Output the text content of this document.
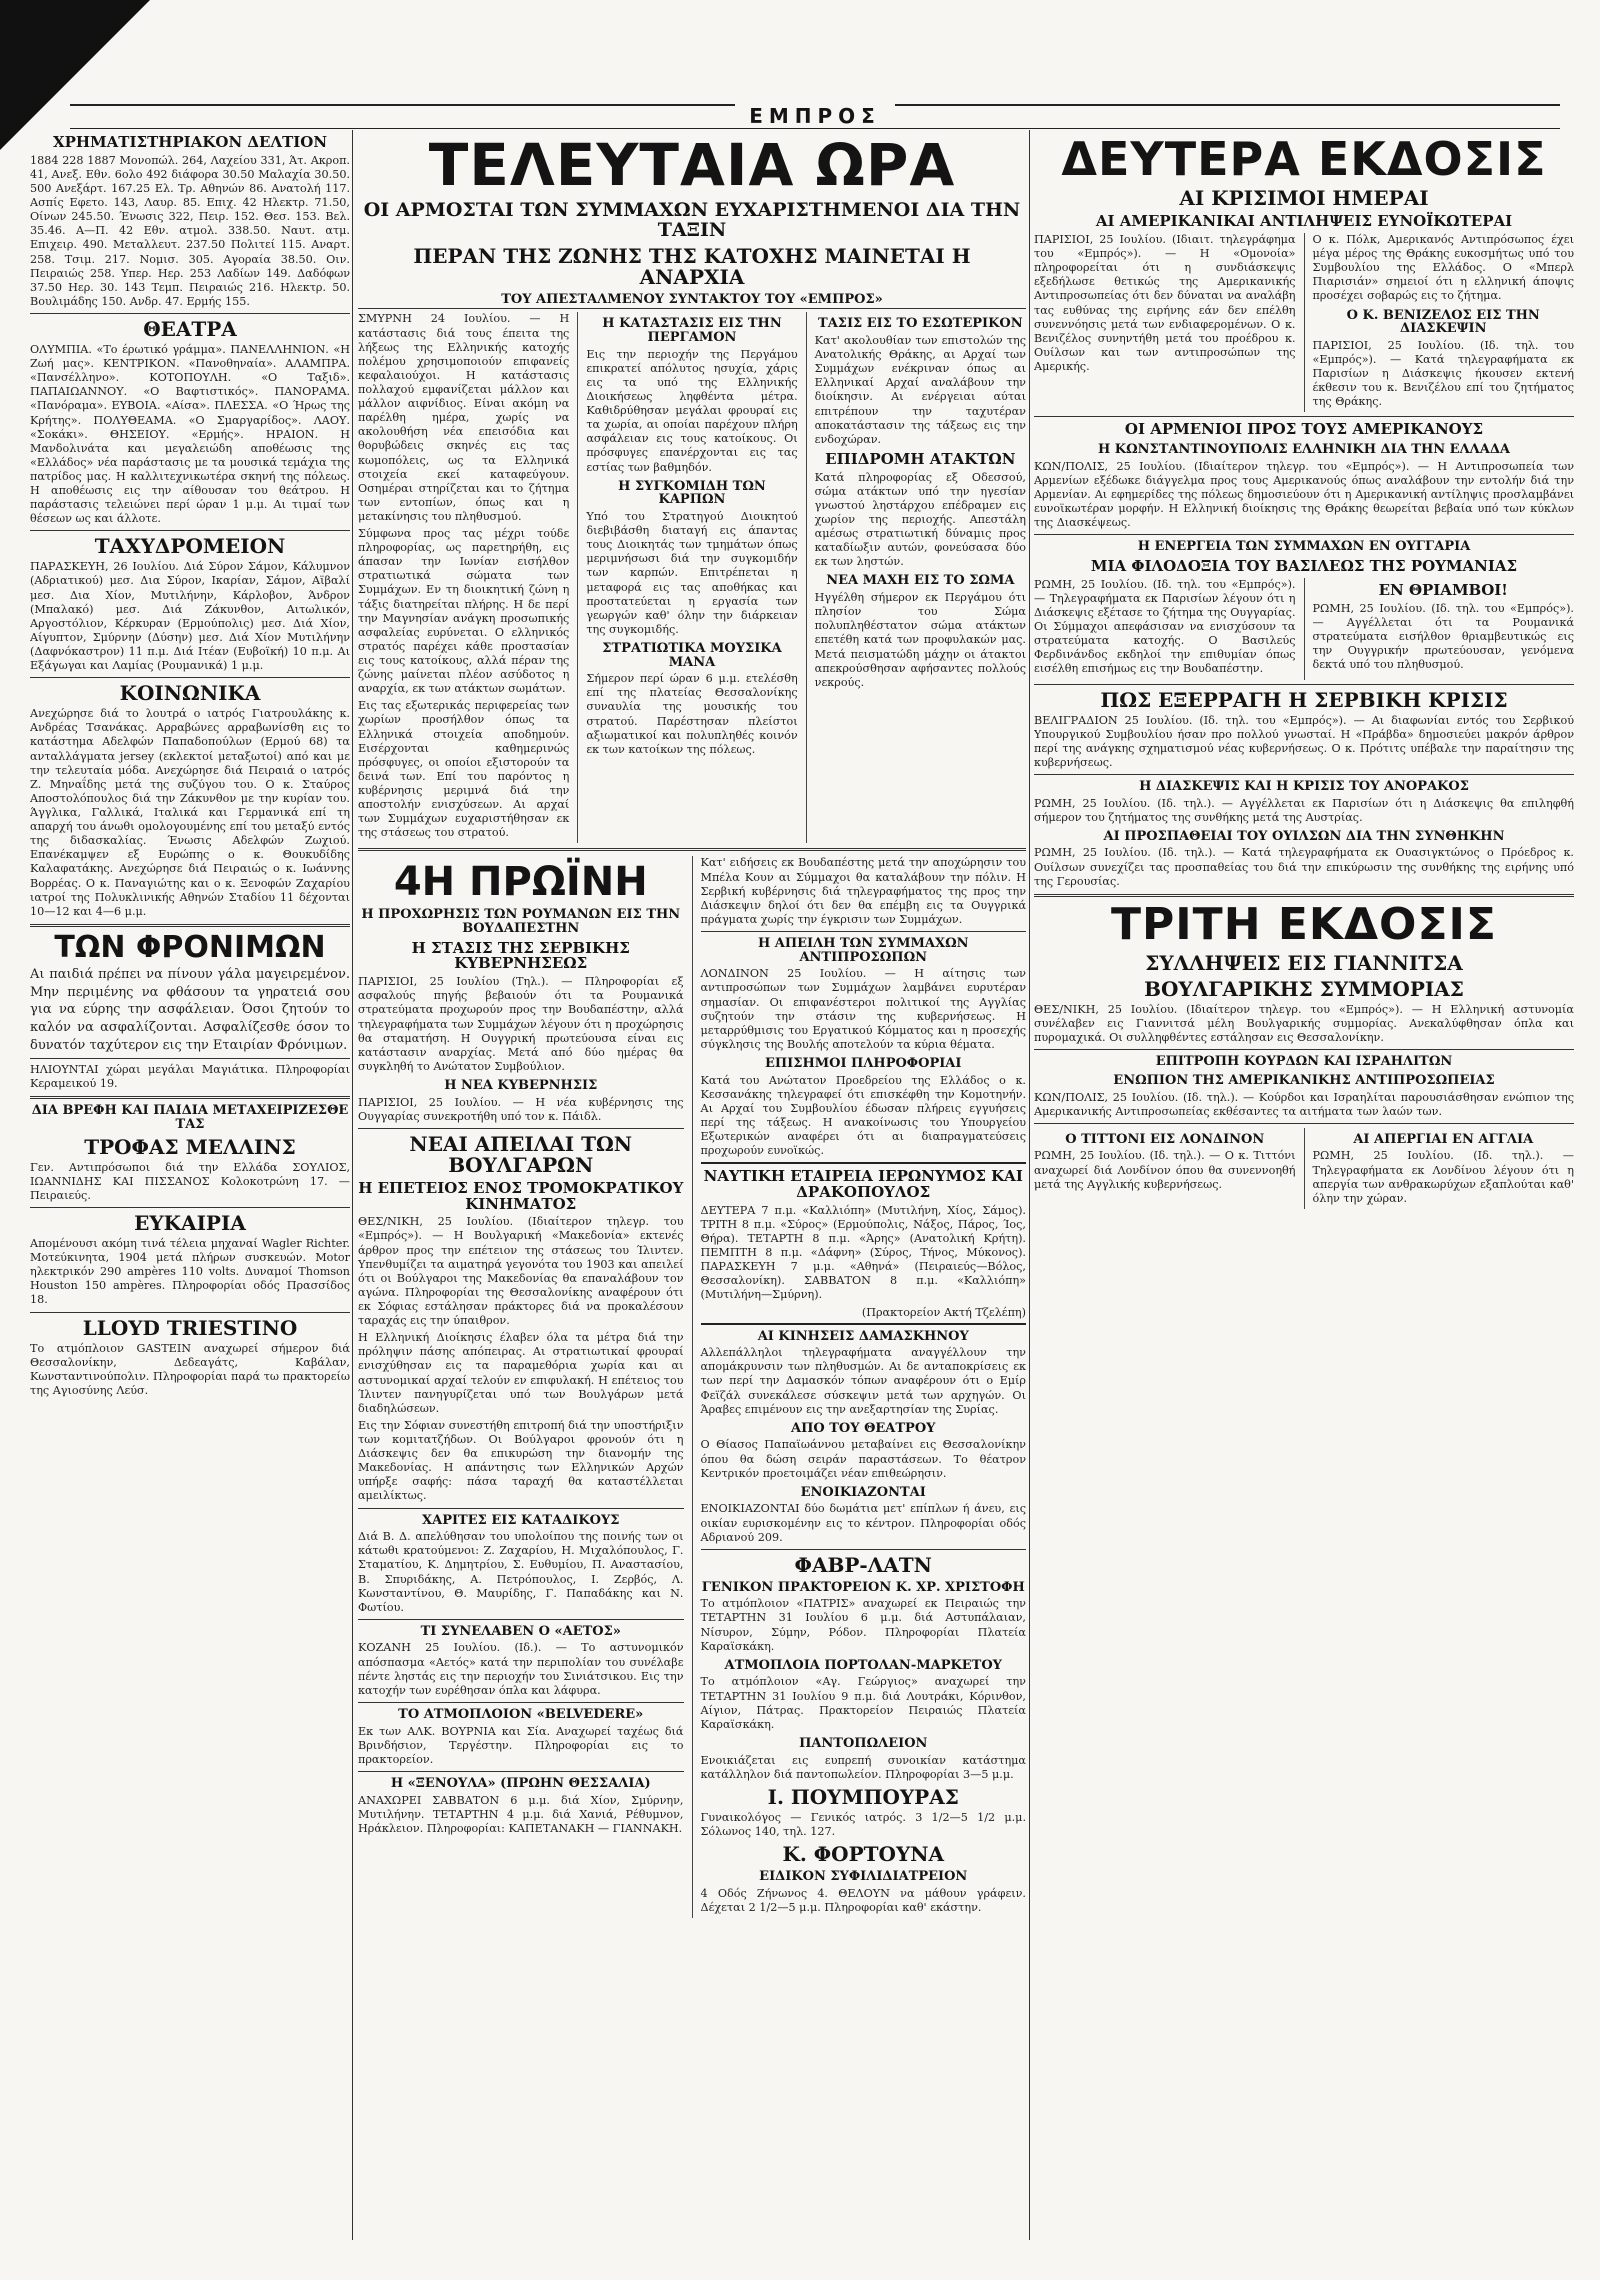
ΕΜΠΡΟΣ
ΧΡΗΜΑΤΙΣΤΗΡΙΑΚΟΝ ΔΕΛΤΙΟΝ

1884 228 1887 Μονοπώλ. 264, Λαχείου 331, Άτ. Ακροπ. 41, Ανεξ. Εθν. 6ολο 492 διάφορα 30.50 Μαλαχία 30.50. 500 Ανεξάρτ. 167.25 Ελ. Τρ. Αθηνών 86. Ανατολή 117. Ασπίς Εφετο. 143, Λαυρ. 85. Επιχ. 42 Ηλεκτρ. 71.50, Οίνων 245.50. Ένωσις 322, Πειρ. 152. Θεσ. 153. Βελ. 35.46. Α—Π. 42 Εθν. ατμολ. 338.50. Ναυτ. ατμ. Επιχειρ. 490. Μεταλλευτ. 237.50 Πολιτεί 115. Αναρτ. 258. Τσιμ. 217. Νομισ. 305. Αγοραία 38.50. Οιν. Πειραιώς 258. Υπερ. Ηερ. 253 Λαδίων 149. Δαδόφων 37.50 Ηερ. 30. 143 Τεμπ. Πειραιώς 216. Ηλεκτρ. 50. Βουλιμάδης 150. Ανδρ. 47. Ερμής 155.

ΘΕΑΤΡΑ

ΟΛΥΜΠΙΑ. «Το έρωτικό γράμμα». ΠΑΝΕΛΛΗΝΙΟΝ. «Η Ζωή μας». ΚΕΝΤΡΙΚΟΝ. «Πανοθηναία». ΑΛΑΜΠΡΑ. «Πανσέλληνο». ΚΟΤΟΠΟΥΛΗ. «Ο Ταξιδ». ΠΑΠΑΙΩΑΝΝΟΥ. «Ο Βαφτιστικός». ΠΑΝΟΡΑΜΑ. «Πανόραμα». ΕΥΒΟΙΑ. «Αίσα». ΠΛΕΣΣΑ. «Ο Ήρως της Κρήτης». ΠΟΛΥΘΕΑΜΑ. «Ο Σμαργαρίδος». ΛΑΟΥ. «Σοκάκι». ΘΗΣΕΙΟΥ. «Ερμής». ΗΡΑΙΟΝ. Η Μανδολινάτα και μεγαλειώδη αποθέωσις της «Ελλάδος» νέα παράστασις με τα μουσικά τεμάχια της πατρίδος μας. Η καλλιτεχνικωτέρα σκηνή της πόλεως. Η αποθέωσις εις την αίθουσαν του θεάτρου. Η παράστασις τελειώνει περί ώραν 1 μ.μ. Αι τιμαί των θέσεων ως και άλλοτε.

ΤΑΧΥΔΡΟΜΕΙΟΝ

ΠΑΡΑΣΚΕΥΗ, 26 Ιουλίου. Διά Σύρον Σάμον, Κάλυμνον (Αδριατικού) μεσ. Δια Σύρον, Ικαρίαν, Σάμον, Αϊβαλί μεσ. Δια Χίον, Μυτιλήνην, Κάρλοβον, Άνδρον (Μπαλακό) μεσ. Διά Ζάκυνθον, Αιτωλικόν, Αργοστόλιον, Κέρκυραν (Ερμούπολις) μεσ. Διά Χίον, Αίγυπτον, Σμύρνην (Δύσην) μεσ. Διά Χίον Μυτιλήνην (Δαφνόκαστρον) 11 π.μ. Διά Ιτέαν (Ευβοϊκή) 10 π.μ. Αι Εξάγωγαι και Λαμίας (Ρουμανικά) 1 μ.μ.

ΚΟΙΝΩΝΙΚΑ

Ανεχώρησε διά το λουτρά ο ιατρός Γιατρουλάκης κ. Ανδρέας Τσανάκας. Αρραβώνες αρραβωνίσθη εις το κατάστημα Αδελφών Παπαδοπούλων (Ερμού 68) τα ανταλλάγματα jersey (εκλεκτοί μεταξωτοί) από και με την τελευταία μόδα. Ανεχώρησε διά Πειραιά ο ιατρός Ζ. Μηναΐδης μετά της συζύγου του. Ο κ. Σταύρος Αποστολόπουλος διά την Ζάκυνθον με την κυρίαν του. Άγγλικα, Γαλλικά, Ιταλικά και Γερμανικά επί τη απαρχή του άνωθι ομολογουμένης επί του μεταξύ εντός της διδασκαλίας. Ένωσις Αδελφών Ζωχιού. Επανέκαμψεν εξ Ευρώπης ο κ. Θουκυδίδης Καλαφατάκης. Ανεχώρησε διά Πειραιώς ο κ. Ιωάννης Βορρέας. Ο κ. Παναγιώτης και ο κ. Ξενοφών Ζαχαρίου ιατροί της Πολυκλινικής Αθηνών Σταδίου 11 δέχονται 10—12 και 4—6 μ.μ.

ΤΩΝ ΦΡΟΝΙΜΩΝ

Αι παιδιά πρέπει να πίνουν γάλα μαγειρεμένον. Μην περιμένης να φθάσουν τα γηρατειά σου για να εύρης την ασφάλειαν. Όσοι ζητούν το καλόν να ασφαλίζονται. Ασφαλίζεσθε όσον το δυνατόν ταχύτερον εις την Εταιρίαν Φρόνιμων.

ΗΛΙΟΥΝΤΑΙ χώραι μεγάλαι Μαγιάτικα. Πληροφορίαι Κεραμεικού 19.

ΔΙΑ ΒΡΕΦΗ ΚΑΙ ΠΑΙΔΙΑ ΜΕΤΑΧΕΙΡΙΖΕΣΘΕ ΤΑΣ
ΤΡΟΦΑΣ ΜΕΛΛΙΝΣ

Γεν. Αντιπρόσωποι διά την Ελλάδα ΣΟΥΛΙΟΣ, ΙΩΑΝΝΙΔΗΣ ΚΑΙ ΠΙΣΣΑΝΟΣ Κολοκοτρώνη 17. — Πειραιεύς.

ΕΥΚΑΙΡΙΑ

Απομένουσι ακόμη τινά τέλεια μηχαναί Wagler Richter. Mοτεύκινητα, 1904 μετά πλήρων συσκευών. Motor ηλεκτρικόν 290 ampères 110 volts. Δυναμοί Thomson Houston 150 ampères. Πληροφορίαι οδός Πρασσίδος 18.

LLOYD TRIESTINO

Το ατμόπλοιον GASTEIN αναχωρεί σήμερον διά Θεσσαλονίκην, Δεδεαγάτς, Καβάλαν, Κωνσταντινούπολιν. Πληροφορίαι παρά τω πρακτορείω της Αγιοσύνης Λεύσ.

ΤΕΛΕΥΤΑΙΑ ΩΡΑ
ΟΙ ΑΡΜΟΣΤΑΙ ΤΩΝ ΣΥΜΜΑΧΩΝ ΕΥΧΑΡΙΣΤΗΜΕΝΟΙ ΔΙΑ ΤΗΝ ΤΑΞΙΝ
ΠΕΡΑΝ ΤΗΣ ΖΩΝΗΣ ΤΗΣ ΚΑΤΟΧΗΣ ΜΑΙΝΕΤΑΙ Η ΑΝΑΡΧΙΑ
ΤΟΥ ΑΠΕΣΤΑΛΜΕΝΟΥ ΣΥΝΤΑΚΤΟΥ ΤΟΥ «ΕΜΠΡΟΣ»

ΣΜΥΡΝΗ 24 Ιουλίου. — Η κατάστασις διά τους έπειτα της λήξεως της Ελληνικής κατοχής πολέμου χρησιμοποιούν επιφανείς κεφαλαιούχοι. Η κατάστασις πολλαχού εμφανίζεται μάλλον και μάλλον αιφνίδιος. Είναι ακόμη να παρέλθη ημέρα, χωρίς να ακολουθήση νέα επεισόδια και θορυβώδεις σκηνές εις τας κωμοπόλεις, ως τα Ελληνικά στοιχεία εκεί καταφεύγουν. Οσημέραι στηρίζεται και το ζήτημα των εντοπίων, όπως και η μετακίνησις του πληθυσμού.

Σύμφωνα προς τας μέχρι τούδε πληροφορίας, ως παρετηρήθη, εις άπασαν την Ιωνίαν εισήλθον στρατιωτικά σώματα των Συμμάχων. Εν τη διοικητική ζώνη η τάξις διατηρείται πλήρης. Η δε περί την Μαγνησίαν ανάγκη προσωπικής ασφαλείας ευρύνεται. Ο ελληνικός στρατός παρέχει κάθε προστασίαν εις τους κατοίκους, αλλά πέραν της ζώνης μαίνεται πλέον ασύδοτος η αναρχία, εκ των ατάκτων σωμάτων.

Εις τας εξωτερικάς περιφερείας των χωρίων προσήλθον όπως τα Ελληνικά στοιχεία αποδημούν. Εισέρχονται καθημερινώς πρόσφυγες, οι οποίοι εξιστορούν τα δεινά των. Επί του παρόντος η κυβέρνησις μεριμνά διά την αποστολήν ενισχύσεων. Αι αρχαί των Συμμάχων ευχαριστήθησαν εκ της στάσεως του στρατού.

Η ΚΑΤΑΣΤΑΣΙΣ ΕΙΣ ΤΗΝ ΠΕΡΓΑΜΟΝ

Εις την περιοχήν της Περγάμου επικρατεί απόλυτος ησυχία, χάρις εις τα υπό της Ελληνικής Διοικήσεως ληφθέντα μέτρα. Καθιδρύθησαν μεγάλαι φρουραί εις τα χωρία, αι οποίαι παρέχουν πλήρη ασφάλειαν εις τους κατοίκους. Οι πρόσφυγες επανέρχονται εις τας εστίας των βαθμηδόν.

Η ΣΥΓΚΟΜΙΔΗ ΤΩΝ ΚΑΡΠΩΝ

Υπό του Στρατηγού Διοικητού διεβιβάσθη διαταγή εις άπαντας τους Διοικητάς των τμημάτων όπως μεριμνήσωσι διά την συγκομιδήν των καρπών. Επιτρέπεται η μεταφορά εις τας αποθήκας και προστατεύεται η εργασία των γεωργών καθ' όλην την διάρκειαν της συγκομιδής.

ΣΤΡΑΤΙΩΤΙΚΑ ΜΟΥΣΙΚΑ ΜΑΝΑ

Σήμερον περί ώραν 6 μ.μ. ετελέσθη επί της πλατείας Θεσσαλονίκης συναυλία της μουσικής του στρατού. Παρέστησαν πλείστοι αξιωματικοί και πολυπληθές κοινόν εκ των κατοίκων της πόλεως.

ΤΑΣΙΣ ΕΙΣ ΤΟ ΕΣΩΤΕΡΙΚΟΝ

Κατ' ακολουθίαν των επιστολών της Ανατολικής Θράκης, αι Αρχαί των Συμμάχων ενέκριναν όπως αι Ελληνικαί Αρχαί αναλάβουν την διοίκησιν. Αι ενέργειαι αύται επιτρέπουν την ταχυτέραν αποκατάστασιν της τάξεως εις την ενδοχώραν.

ΕΠΙΔΡΟΜΗ ΑΤΑΚΤΩΝ

Κατά πληροφορίας εξ Οδεσσού, σώμα ατάκτων υπό την ηγεσίαν γνωστού ληστάρχου επέδραμεν εις χωρίον της περιοχής. Απεστάλη αμέσως στρατιωτική δύναμις προς καταδίωξιν αυτών, φονεύσασα δύο εκ των ληστών.

ΝΕΑ ΜΑΧΗ ΕΙΣ ΤΟ ΣΩΜΑ

Ηγγέλθη σήμερον εκ Περγάμου ότι πλησίον του Σώμα πολυπληθέστατον σώμα ατάκτων επετέθη κατά των προφυλακών μας. Μετά πεισματώδη μάχην οι άτακτοι απεκρούσθησαν αφήσαντες πολλούς νεκρούς.

4Η ΠΡΩΪΝΗ
Η ΠΡΟΧΩΡΗΣΙΣ ΤΩΝ ΡΟΥΜΑΝΩΝ ΕΙΣ ΤΗΝ ΒΟΥΔΑΠΕΣΤΗΝ
Η ΣΤΑΣΙΣ ΤΗΣ ΣΕΡΒΙΚΗΣ ΚΥΒΕΡΝΗΣΕΩΣ

ΠΑΡΙΣΙΟΙ, 25 Ιουλίου (Τηλ.). — Πληροφορίαι εξ ασφαλούς πηγής βεβαιούν ότι τα Ρουμανικά στρατεύματα προχωρούν προς την Βουδαπέστην, αλλά τηλεγραφήματα των Συμμάχων λέγουν ότι η προχώρησις θα σταματήση. Η Ουγγρική πρωτεύουσα είναι εις κατάστασιν αναρχίας. Μετά από δύο ημέρας θα συγκληθή το Ανώτατον Συμβούλιον.

Η ΝΕΑ ΚΥΒΕΡΝΗΣΙΣ

ΠΑΡΙΣΙΟΙ, 25 Ιουλίου. — Η νέα κυβέρνησις της Ουγγαρίας συνεκροτήθη υπό τον κ. Πάιδλ.

ΝΕΑΙ ΑΠΕΙΛΑΙ ΤΩΝ ΒΟΥΛΓΑΡΩΝ
Η ΕΠΕΤΕΙΟΣ ΕΝΟΣ ΤΡΟΜΟΚΡΑΤΙΚΟΥ ΚΙΝΗΜΑΤΟΣ

ΘΕΣ/ΝΙΚΗ, 25 Ιουλίου. (Ιδιαίτερον τηλεγρ. του «Εμπρός»). — Η Βουλγαρική «Μακεδονία» εκτενές άρθρον προς την επέτειον της στάσεως του Ίλιντεν. Υπενθυμίζει τα αιματηρά γεγονότα του 1903 και απειλεί ότι οι Βούλγαροι της Μακεδονίας θα επαναλάβουν τον αγώνα. Πληροφορίαι της Θεσσαλονίκης αναφέρουν ότι εκ Σόφιας εστάλησαν πράκτορες διά να προκαλέσουν ταραχάς εις την ύπαιθρον.

Η Ελληνική Διοίκησις έλαβεν όλα τα μέτρα διά την πρόληψιν πάσης απόπειρας. Αι στρατιωτικαί φρουραί ενισχύθησαν εις τα παραμεθόρια χωρία και αι αστυνομικαί αρχαί τελούν εν επιφυλακή. Η επέτειος του Ίλιντεν πανηγυρίζεται υπό των Βουλγάρων μετά διαδηλώσεων.

Εις την Σόφιαν συνεστήθη επιτροπή διά την υποστήριξιν των κομιτατζήδων. Οι Βούλγαροι φρονούν ότι η Διάσκεψις δεν θα επικυρώση την διανομήν της Μακεδονίας. Η απάντησις των Ελληνικών Αρχών υπήρξε σαφής: πάσα ταραχή θα καταστέλλεται αμειλίκτως.

ΧΑΡΙΤΕΣ ΕΙΣ ΚΑΤΑΔΙΚΟΥΣ

Διά Β. Δ. απελύθησαν του υπολοίπου της ποινής των οι κάτωθι κρατούμενοι: Ζ. Ζαχαρίου, Η. Μιχαλόπουλος, Γ. Σταματίου, Κ. Δημητρίου, Σ. Ευθυμίου, Π. Αναστασίου, Β. Σπυριδάκης, Α. Πετρόπουλος, Ι. Ζερβός, Λ. Κωνσταντίνου, Θ. Μαυρίδης, Γ. Παπαδάκης και Ν. Φωτίου.

ΤΙ ΣΥΝΕΛΑΒΕΝ Ο «ΑΕΤΟΣ»

ΚΟΖΑΝΗ 25 Ιουλίου. (Ιδ.). — Το αστυνομικόν απόσπασμα «Αετός» κατά την περιπολίαν του συνέλαβε πέντε ληστάς εις την περιοχήν του Σινιάτσικου. Εις την κατοχήν των ευρέθησαν όπλα και λάφυρα.

ΤΟ ΑΤΜΟΠΛΟΙΟΝ «BELVEDERE»

Εκ των ΑΛΚ. ΒΟΥΡΝΙΑ και Σία. Αναχωρεί ταχέως διά Βρινδήσιον, Τεργέστην. Πληροφορίαι εις το πρακτορείον.

Η «ΞΕΝΟΥΛΑ» (ΠΡΩΗΝ ΘΕΣΣΑΛΙΑ)

ΑΝΑΧΩΡΕΙ ΣΑΒΒΑΤΟΝ 6 μ.μ. διά Χίον, Σμύρνην, Μυτιλήνην. ΤΕΤΑΡΤΗΝ 4 μ.μ. διά Χανιά, Ρέθυμνον, Ηράκλειον. Πληροφορίαι: ΚΑΠΕΤΑΝΑΚΗ — ΓΙΑΝΝΑΚΗ.

Κατ' ειδήσεις εκ Βουδαπέστης μετά την αποχώρησιν του Μπέλα Κουν αι Σύμμαχοι θα καταλάβουν την πόλιν. Η Σερβική κυβέρνησις διά τηλεγραφήματος της προς την Διάσκεψιν δηλοί ότι δεν θα επέμβη εις τα Ουγγρικά πράγματα χωρίς την έγκρισιν των Συμμάχων.

Η ΑΠΕΙΛΗ ΤΩΝ ΣΥΜΜΑΧΩΝ ΑΝΤΙΠΡΟΣΩΠΩΝ

ΛΟΝΔΙΝΟΝ 25 Ιουλίου. — Η αίτησις των αντιπροσώπων των Συμμάχων λαμβάνει ευρυτέραν σημασίαν. Οι επιφανέστεροι πολιτικοί της Αγγλίας συζητούν την στάσιν της κυβερνήσεως. Η μεταρρύθμισις του Εργατικού Κόμματος και η προσεχής σύγκλησις της Βουλής αποτελούν τα κύρια θέματα.

ΕΠΙΣΗΜΟΙ ΠΛΗΡΟΦΟΡΙΑΙ

Κατά του Ανώτατον Προεδρείου της Ελλάδος ο κ. Κεσσανάκης τηλεγραφεί ότι επισκέφθη την Κομοτηνήν. Αι Αρχαί του Συμβουλίου έδωσαν πλήρεις εγγυήσεις περί της τάξεως. Η ανακοίνωσις του Υπουργείου Εξωτερικών αναφέρει ότι αι διαπραγματεύσεις προχωρούν ευνοϊκώς.

ΝΑΥΤΙΚΗ ΕΤΑΙΡΕΙΑ ΙΕΡΩΝΥΜΟΣ ΚΑΙ ΔΡΑΚΟΠΟΥΛΟΣ

ΔΕΥΤΕΡΑ 7 π.μ. «Καλλιόπη» (Μυτιλήνη, Χίος, Σάμος). ΤΡΙΤΗ 8 π.μ. «Σύρος» (Ερμούπολις, Νάξος, Πάρος, Ίος, Θήρα). ΤΕΤΑΡΤΗ 8 π.μ. «Άρης» (Ανατολική Κρήτη). ΠΕΜΠΤΗ 8 π.μ. «Δάφνη» (Σύρος, Τήνος, Μύκονος). ΠΑΡΑΣΚΕΥΗ 7 μ.μ. «Αθηνά» (Πειραιεύς—Βόλος, Θεσσαλονίκη). ΣΑΒΒΑΤΟΝ 8 π.μ. «Καλλιόπη» (Μυτιλήνη—Σμύρνη).

(Πρακτορείον Ακτή Τζελέπη)

ΑΙ ΚΙΝΗΣΕΙΣ ΔΑΜΑΣΚΗΝΟΥ

Αλλεπάλληλοι τηλεγραφήματα αναγγέλλουν την απομάκρυνσιν των πληθυσμών. Αι δε ανταποκρίσεις εκ των περί την Δαμασκόν τόπων αναφέρουν ότι ο Εμίρ Φεϊζάλ συνεκάλεσε σύσκεψιν μετά των αρχηγών. Οι Άραβες επιμένουν εις την ανεξαρτησίαν της Συρίας.

ΑΠΟ ΤΟΥ ΘΕΑΤΡΟΥ

Ο Θίασος Παπαϊωάννου μεταβαίνει εις Θεσσαλονίκην όπου θα δώση σειράν παραστάσεων. Το θέατρον Κεντρικόν προετοιμάζει νέαν επιθεώρησιν.

ΕΝΟΙΚΙΑΖΟΝΤΑΙ

ΕΝΟΙΚΙΑΖΟΝΤΑΙ δύο δωμάτια μετ' επίπλων ή άνευ, εις οικίαν ευρισκομένην εις το κέντρον. Πληροφορίαι οδός Αδριανού 209.

ΦΑΒΡ-ΛΑΤΝ
ΓΕΝΙΚΟΝ ΠΡΑΚΤΟΡΕΙΟΝ Κ. ΧΡ. ΧΡΙΣΤΟΦΗ

Το ατμόπλοιον «ΠΑΤΡΙΣ» αναχωρεί εκ Πειραιώς την ΤΕΤΑΡΤΗΝ 31 Ιουλίου 6 μ.μ. διά Αστυπάλαιαν, Νίσυρον, Σύμην, Ρόδον. Πληροφορίαι Πλατεία Καραϊσκάκη.

ΑΤΜΟΠΛΟΙΑ ΠΟΡΤΟΛΑΝ-ΜΑΡΚΕΤΟΥ

Το ατμόπλοιον «Αγ. Γεώργιος» αναχωρεί την ΤΕΤΑΡΤΗΝ 31 Ιουλίου 9 π.μ. διά Λουτράκι, Κόρινθον, Αίγιον, Πάτρας. Πρακτορείον Πειραιώς Πλατεία Καραϊσκάκη.

ΠΑΝΤΟΠΩΛΕΙΟΝ

Ενοικιάζεται εις ευπρεπή συνοικίαν κατάστημα κατάλληλον διά παντοπωλείον. Πληροφορίαι 3—5 μ.μ.

Ι. ΠΟΥΜΠΟΥΡΑΣ

Γυναικολόγος — Γενικός ιατρός. 3 1/2—5 1/2 μ.μ. Σόλωνος 140, τηλ. 127.

Κ. ΦΟΡΤΟΥΝΑ
ΕΙΔΙΚΟΝ ΣΥΦΙΛΙΔΙΑΤΡΕΙΟΝ

4 Οδός Ζήνωνος 4. ΘΕΛΟΥΝ να μάθουν γράφειν. Δέχεται 2 1/2—5 μ.μ. Πληροφορίαι καθ' εκάστην.

ΔΕΥΤΕΡΑ ΕΚΔΟΣΙΣ
ΑΙ ΚΡΙΣΙΜΟΙ ΗΜΕΡΑΙ
ΑΙ ΑΜΕΡΙΚΑΝΙΚΑΙ ΑΝΤΙΛΗΨΕΙΣ ΕΥΝΟΪΚΩΤΕΡΑΙ

ΠΑΡΙΣΙΟΙ, 25 Ιουλίου. (Ιδιαιτ. τηλεγράφημα του «Εμπρός»). — Η «Ομονοία» πληροφορείται ότι η συνδιάσκεψις εξεδήλωσε θετικώς της Αμερικανικής Αντιπροσωπείας ότι δεν δύναται να αναλάβη τας ευθύνας της ειρήνης εάν δεν επέλθη συνεννόησις μετά των ενδιαφερομένων. Ο κ. Βενιζέλος συνηντήθη μετά του προέδρου κ. Ουίλσων και των αντιπροσώπων της Αμερικής.

Ο κ. Πόλκ, Αμερικανός Αντιπρόσωπος έχει μέγα μέρος της Θράκης ευκοσμήτως υπό του Συμβουλίου της Ελλάδος. Ο «Μπερλ Πιαρισιάν» σημειοί ότι η ελληνική άποψις προσέχει σοβαρώς εις το ζήτημα.

Ο Κ. ΒΕΝΙΖΕΛΟΣ ΕΙΣ ΤΗΝ ΔΙΑΣΚΕΨΙΝ

ΠΑΡΙΣΙΟΙ, 25 Ιουλίου. (Ιδ. τηλ. του «Εμπρός»). — Κατά τηλεγραφήματα εκ Παρισίων η Διάσκεψις ήκουσεν εκτενή έκθεσιν του κ. Βενιζέλου επί του ζητήματος της Θράκης.

ΟΙ ΑΡΜΕΝΙΟΙ ΠΡΟΣ ΤΟΥΣ ΑΜΕΡΙΚΑΝΟΥΣ
Η ΚΩΝΣΤΑΝΤΙΝΟΥΠΟΛΙΣ ΕΛΛΗΝΙΚΗ ΔΙΑ ΤΗΝ ΕΛΛΑΔΑ

ΚΩΝ/ΠΟΛΙΣ, 25 Ιουλίου. (Ιδιαίτερον τηλεγρ. του «Εμπρός»). — Η Αντιπροσωπεία των Αρμενίων εξέδωκε διάγγελμα προς τους Αμερικανούς όπως αναλάβουν την εντολήν διά την Αρμενίαν. Αι εφημερίδες της πόλεως δημοσιεύουν ότι η Αμερικανική αντίληψις προσλαμβάνει ευνοϊκωτέραν μορφήν. Η Ελληνική διοίκησις της Θράκης θεωρείται βεβαία υπό των κύκλων της Διασκέψεως.

Η ΕΝΕΡΓΕΙΑ ΤΩΝ ΣΥΜΜΑΧΩΝ ΕΝ ΟΥΓΓΑΡΙΑ
ΜΙΑ ΦΙΛΟΔΟΞΙΑ ΤΟΥ ΒΑΣΙΛΕΩΣ ΤΗΣ ΡΟΥΜΑΝΙΑΣ

ΡΩΜΗ, 25 Ιουλίου. (Ιδ. τηλ. του «Εμπρός»). — Τηλεγραφήματα εκ Παρισίων λέγουν ότι η Διάσκεψις εξέτασε το ζήτημα της Ουγγαρίας. Οι Σύμμαχοι απεφάσισαν να ενισχύσουν τα στρατεύματα κατοχής. Ο Βασιλεύς Φερδινάνδος εκδηλοί την επιθυμίαν όπως εισέλθη επισήμως εις την Βουδαπέστην.

ΕΝ ΘΡΙΑΜΒΟΙ!

ΡΩΜΗ, 25 Ιουλίου. (Ιδ. τηλ. του «Εμπρός»). — Αγγέλλεται ότι τα Ρουμανικά στρατεύματα εισήλθον θριαμβευτικώς εις την Ουγγρικήν πρωτεύουσαν, γενόμενα δεκτά υπό του πληθυσμού.

ΠΩΣ ΕΞΕΡΡΑΓΗ Η ΣΕΡΒΙΚΗ ΚΡΙΣΙΣ

ΒΕΛΙΓΡΑΔΙΟΝ 25 Ιουλίου. (Ιδ. τηλ. του «Εμπρός»). — Αι διαφωνίαι εντός του Σερβικού Υπουργικού Συμβουλίου ήσαν προ πολλού γνωσταί. Η «Πράβδα» δημοσιεύει μακρόν άρθρον περί της ανάγκης σχηματισμού νέας κυβερνήσεως. Ο κ. Πρότιτς υπέβαλε την παραίτησιν της κυβερνήσεως.

Η ΔΙΑΣΚΕΨΙΣ ΚΑΙ Η ΚΡΙΣΙΣ ΤΟΥ ΑΝΟΡΑΚΟΣ

ΡΩΜΗ, 25 Ιουλίου. (Ιδ. τηλ.). — Αγγέλλεται εκ Παρισίων ότι η Διάσκεψις θα επιληφθή σήμερον του ζητήματος της συνθήκης μετά της Αυστρίας.

ΑΙ ΠΡΟΣΠΑΘΕΙΑΙ ΤΟΥ ΟΥΙΛΣΩΝ ΔΙΑ ΤΗΝ ΣΥΝΘΗΚΗΝ

ΡΩΜΗ, 25 Ιουλίου. (Ιδ. τηλ.). — Κατά τηλεγραφήματα εκ Ουασιγκτώνος ο Πρόεδρος κ. Ουίλσων συνεχίζει τας προσπαθείας του διά την επικύρωσιν της συνθήκης της ειρήνης υπό της Γερουσίας.

ΤΡΙΤΗ ΕΚΔΟΣΙΣ
ΣΥΛΛΗΨΕΙΣ ΕΙΣ ΓΙΑΝΝΙΤΣΑ
ΒΟΥΛΓΑΡΙΚΗΣ ΣΥΜΜΟΡΙΑΣ

ΘΕΣ/ΝΙΚΗ, 25 Ιουλίου. (Ιδιαίτερον τηλεγρ. του «Εμπρός»). — Η Ελληνική αστυνομία συνέλαβεν εις Γιαννιτσά μέλη Βουλγαρικής συμμορίας. Ανεκαλύφθησαν όπλα και πυρομαχικά. Οι συλληφθέντες εστάλησαν εις Θεσσαλονίκην.

ΕΠΙΤΡΟΠΗ ΚΟΥΡΔΩΝ ΚΑΙ ΙΣΡΑΗΛΙΤΩΝ
ΕΝΩΠΙΟΝ ΤΗΣ ΑΜΕΡΙΚΑΝΙΚΗΣ ΑΝΤΙΠΡΟΣΩΠΕΙΑΣ

ΚΩΝ/ΠΟΛΙΣ, 25 Ιουλίου. (Ιδ. τηλ.). — Κούρδοι και Ισραηλίται παρουσιάσθησαν ενώπιον της Αμερικανικής Αντιπροσωπείας εκθέσαντες τα αιτήματα των λαών των.

Ο ΤΙΤΤΟΝΙ ΕΙΣ ΛΟΝΔΙΝΟΝ

ΡΩΜΗ, 25 Ιουλίου. (Ιδ. τηλ.). — Ο κ. Τιττόνι αναχωρεί διά Λονδίνον όπου θα συνεννοηθή μετά της Αγγλικής κυβερνήσεως.

ΑΙ ΑΠΕΡΓΙΑΙ ΕΝ ΑΓΓΛΙΑ

ΡΩΜΗ, 25 Ιουλίου. (Ιδ. τηλ.). — Τηλεγραφήματα εκ Λονδίνου λέγουν ότι η απεργία των ανθρακωρύχων εξαπλούται καθ' όλην την χώραν.
